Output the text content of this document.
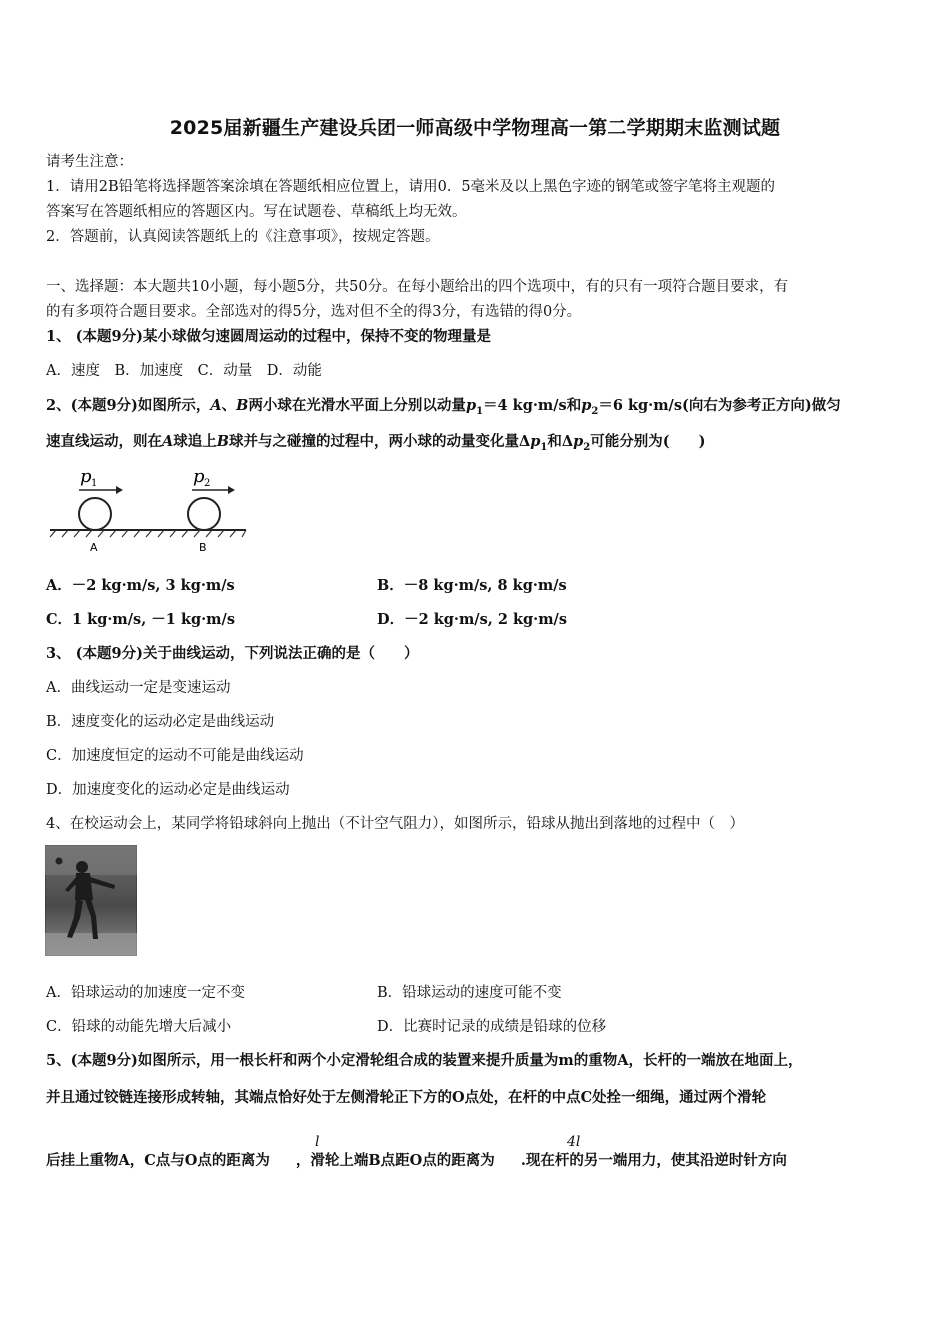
2025届新疆生产建设兵团一师高级中学物理高一第二学期期末监测试题
请考生注意：
1．请用2B铅笔将选择题答案涂填在答题纸相应位置上，请用0．5毫米及以上黑色字迹的钢笔或签字笔将主观题的
答案写在答题纸相应的答题区内。写在试题卷、草稿纸上均无效。
2．答题前，认真阅读答题纸上的《注意事项》，按规定答题。
一、选择题：本大题共10小题，每小题5分，共50分。在每小题给出的四个选项中，有的只有一项符合题目要求，有
的有多项符合题目要求。全部选对的得5分，选对但不全的得3分，有选错的得0分。
1、 (本题9分)某小球做匀速圆周运动的过程中，保持不变的物理量是
A．速度　B．加速度　C．动量　D．动能
2、(本题9分)如图所示，A、B两小球在光滑水平面上分别以动量$p_1=4$ kg·m/s和$p_2=6$ kg·m/s(向右为参考正方向)做匀
速直线运动，则在A球追上B球并与之碰撞的过程中，两小球的动量变化量$\Delta p_1$和$\Delta p_2$可能分别为(　　)
p 1	p 2
A	B
A．－2 kg·m/s, 3 kg·m/s	B．－8 kg·m/s, 8 kg·m/s
C．1 kg·m/s, －1 kg·m/s	D．－2 kg·m/s, 2 kg·m/s
3、 (本题9分)关于曲线运动，下列说法正确的是（　　）
A．曲线运动一定是变速运动
B．速度变化的运动必定是曲线运动
C．加速度恒定的运动不可能是曲线运动
D．加速度变化的运动必定是曲线运动
4、在校运动会上，某同学将铅球斜向上抛出（不计空气阻力），如图所示，铅球从抛出到落地的过程中（　）
A．铅球运动的加速度一定不变	B．铅球运动的速度可能不变
C．铅球的动能先增大后减小	D．比赛时记录的成绩是铅球的位移
5、(本题9分)如图所示，用一根长杆和两个小定滑轮组合成的装置来提升质量为m的重物A，长杆的一端放在地面上，
并且通过铰链连接形成转轴，其端点恰好处于左侧滑轮正下方的O点处，在杆的中点C处拴一细绳，通过两个滑轮
后挂上重物A，C点与O点的距离为 ，滑轮上端B点距O点的距离为 .现在杆的另一端用力，使其沿逆时针方向
l	4l
